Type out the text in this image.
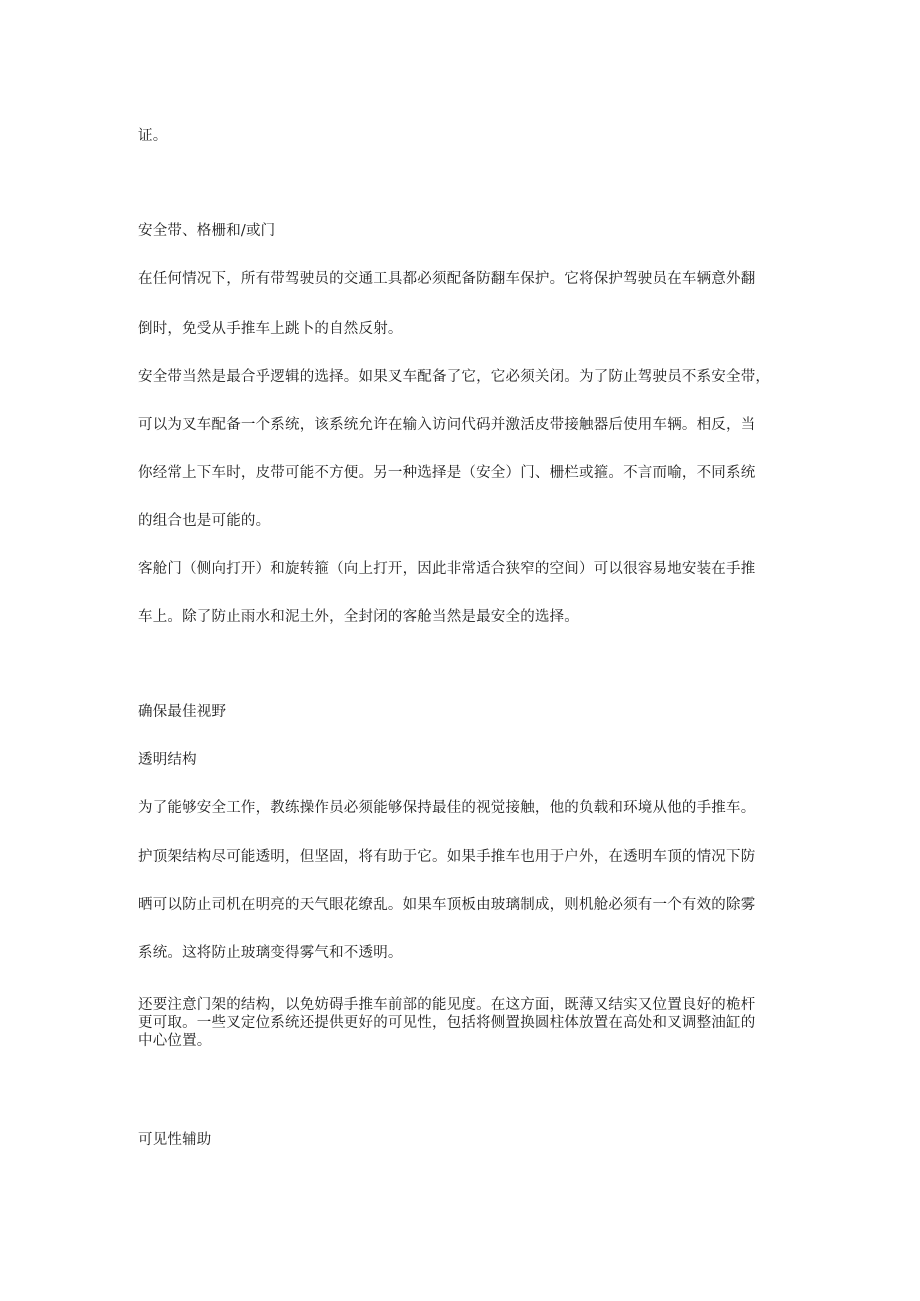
证。
安全带、格栅和/或门
在任何情况下，所有带驾驶员的交通工具都必须配备防翻车保护。它将保护驾驶员在车辆意外翻
倒时，免受从手推车上跳卜的自然反射。
安全带当然是最合乎逻辑的选择。如果叉车配备了它，它必须关闭。为了防止驾驶员不系安全带，
可以为叉车配备一个系统，该系统允许在输入访问代码并激活皮带接触器后使用车辆。相反，当
你经常上下车时，皮带可能不方便。另一种选择是（安全）门、栅栏或箍。不言而喻，不同系统
的组合也是可能的。
客舱门（侧向打开）和旋转箍（向上打开，因此非常适合狭窄的空间）可以很容易地安装在手推
车上。除了防止雨水和泥土外，全封闭的客舱当然是最安全的选择。
确保最佳视野
透明结构
为了能够安全工作，教练操作员必须能够保持最佳的视觉接触，他的负载和环境从他的手推车。
护顶架结构尽可能透明，但坚固，将有助于它。如果手推车也用于户外，在透明车顶的情况下防
晒可以防止司机在明亮的天气眼花缭乱。如果车顶板由玻璃制成，则机舱必须有一个有效的除雾
系统。这将防止玻璃变得雾气和不透明。
还要注意门架的结构，以免妨碍手推车前部的能见度。在这方面，既薄又结实又位置良好的桅杆
更可取。一些叉定位系统还提供更好的可见性，包括将侧置换圆柱体放置在高处和叉调整油缸的
中心位置。
可见性辅助
